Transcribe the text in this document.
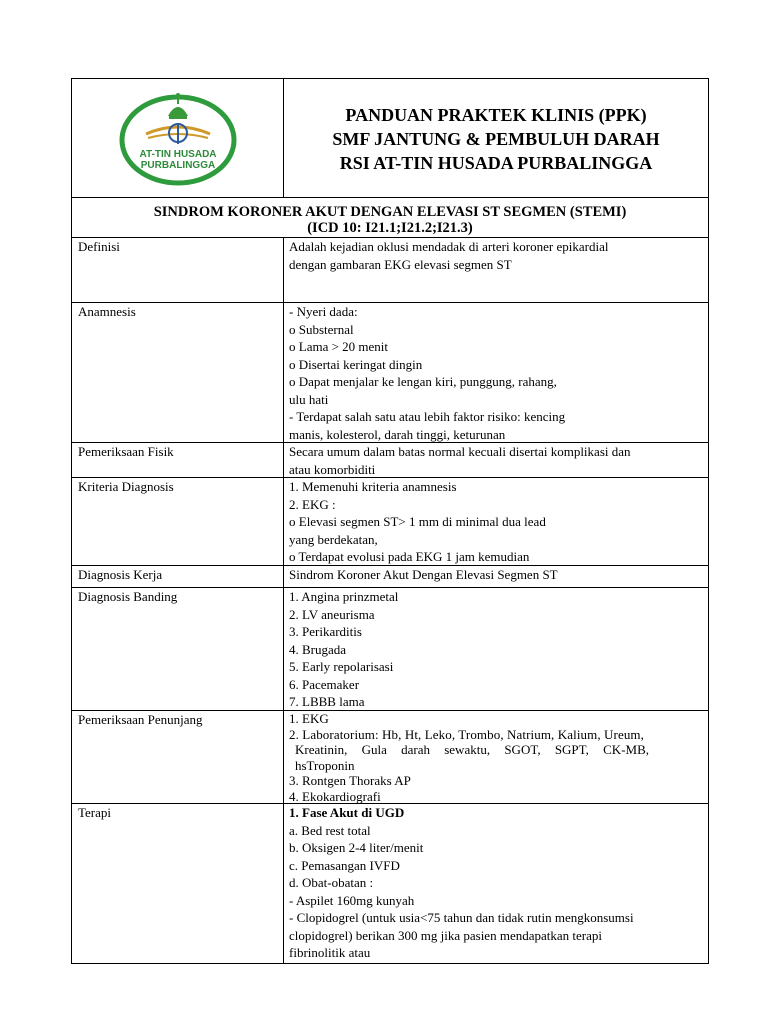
AT-TIN HUSADA
PURBALINGGA
PANDUAN PRAKTEK KLINIS (PPK)
SMF JANTUNG & PEMBULUH DARAH
RSI AT-TIN HUSADA PURBALINGGA
SINDROM KORONER AKUT DENGAN ELEVASI ST SEGMEN (STEMI)
(ICD 10: I21.1;I21.2;I21.3)
Definisi	Adalah kejadian oklusi mendadak di arteri koroner epikardial
dengan gambaran EKG elevasi segmen ST
Anamnesis	- Nyeri dada:
o Substernal
o Lama > 20 menit
o Disertai keringat dingin
o Dapat menjalar ke lengan kiri, punggung, rahang,
ulu hati
- Terdapat salah satu atau lebih faktor risiko: kencing
manis, kolesterol, darah tinggi, keturunan
Pemeriksaan Fisik	Secara umum dalam batas normal kecuali disertai komplikasi dan
atau komorbiditi
Kriteria Diagnosis	1. Memenuhi kriteria anamnesis
2. EKG :
o Elevasi segmen ST> 1 mm di minimal dua lead
yang berdekatan,
o Terdapat evolusi pada EKG 1 jam kemudian
Diagnosis Kerja	Sindrom Koroner Akut Dengan Elevasi Segmen ST
Diagnosis Banding	1. Angina prinzmetal
2. LV aneurisma
3. Perikarditis
4. Brugada
5. Early repolarisasi
6. Pacemaker
7. LBBB lama
Pemeriksaan Penunjang	1. EKG
2. Laboratorium: Hb, Ht, Leko, Trombo, Natrium, Kalium, Ureum,
Kreatinin, Gula darah sewaktu, SGOT, SGPT, CK-MB,
hsTroponin
3. Rontgen Thoraks AP
4. Ekokardiografi
Terapi	1. Fase Akut di UGD
a. Bed rest total
b. Oksigen 2-4 liter/menit
c. Pemasangan IVFD
d. Obat-obatan :
- Aspilet 160mg kunyah
- Clopidogrel (untuk usia<75 tahun dan tidak rutin mengkonsumsi
clopidogrel) berikan 300 mg jika pasien mendapatkan terapi
fibrinolitik atau
